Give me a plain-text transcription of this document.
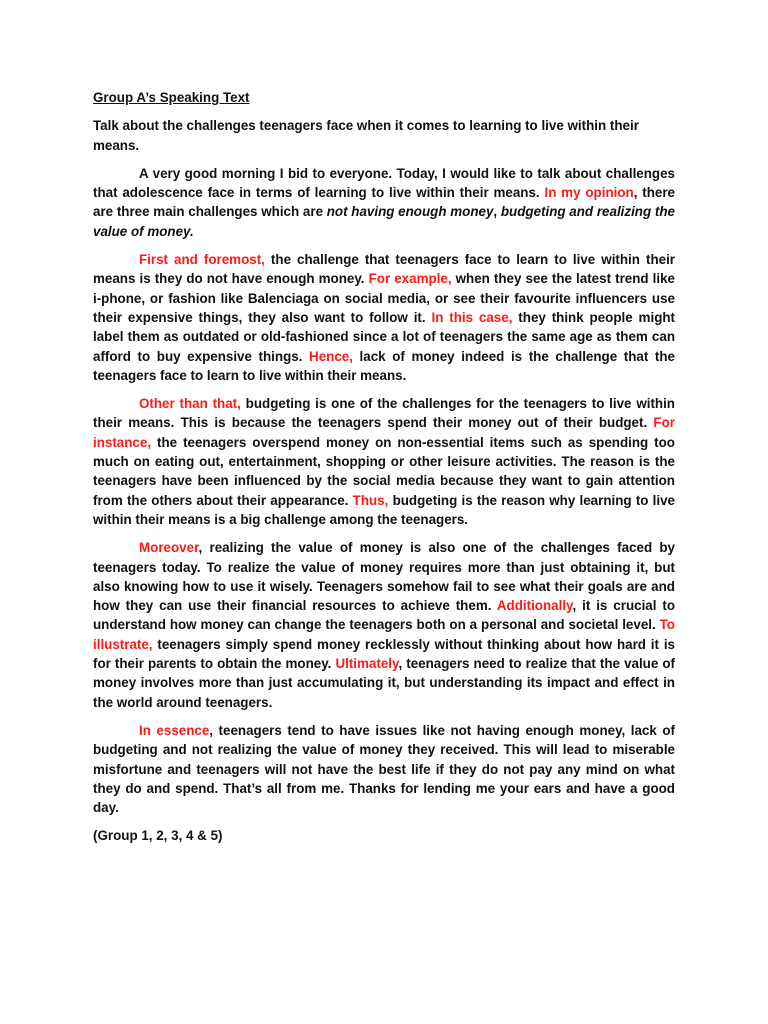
Group A’s Speaking Text

Talk about the challenges teenagers face when it comes to learning to live within their means.

A very good morning I bid to everyone. Today, I would like to talk about challenges that adolescence face in terms of learning to live within their means. In my opinion, there are three main challenges which are not having enough money, budgeting and realizing the value of money.

First and foremost, the challenge that teenagers face to learn to live within their means is they do not have enough money. For example, when they see the latest trend like i-phone, or fashion like Balenciaga on social media, or see their favourite influencers use their expensive things, they also want to follow it. In this case, they think people might label them as outdated or old-fashioned since a lot of teenagers the same age as them can afford to buy expensive things. Hence, lack of money indeed is the challenge that the teenagers face to learn to live within their means.

Other than that, budgeting is one of the challenges for the teenagers to live within their means. This is because the teenagers spend their money out of their budget. For instance, the teenagers overspend money on non-essential items such as spending too much on eating out, entertainment, shopping or other leisure activities. The reason is the teenagers have been influenced by the social media because they want to gain attention from the others about their appearance. Thus, budgeting is the reason why learning to live within their means is a big challenge among the teenagers.

Moreover, realizing the value of money is also one of the challenges faced by teenagers today. To realize the value of money requires more than just obtaining it, but also knowing how to use it wisely. Teenagers somehow fail to see what their goals are and how they can use their financial resources to achieve them. Additionally, it is crucial to understand how money can change the teenagers both on a personal and societal level. To illustrate, teenagers simply spend money recklessly without thinking about how hard it is for their parents to obtain the money. Ultimately, teenagers need to realize that the value of money involves more than just accumulating it, but understanding its impact and effect in the world around teenagers.

In essence, teenagers tend to have issues like not having enough money, lack of budgeting and not realizing the value of money they received. This will lead to miserable misfortune and teenagers will not have the best life if they do not pay any mind on what they do and spend. That’s all from me. Thanks for lending me your ears and have a good day.

(Group 1, 2, 3, 4 & 5)
